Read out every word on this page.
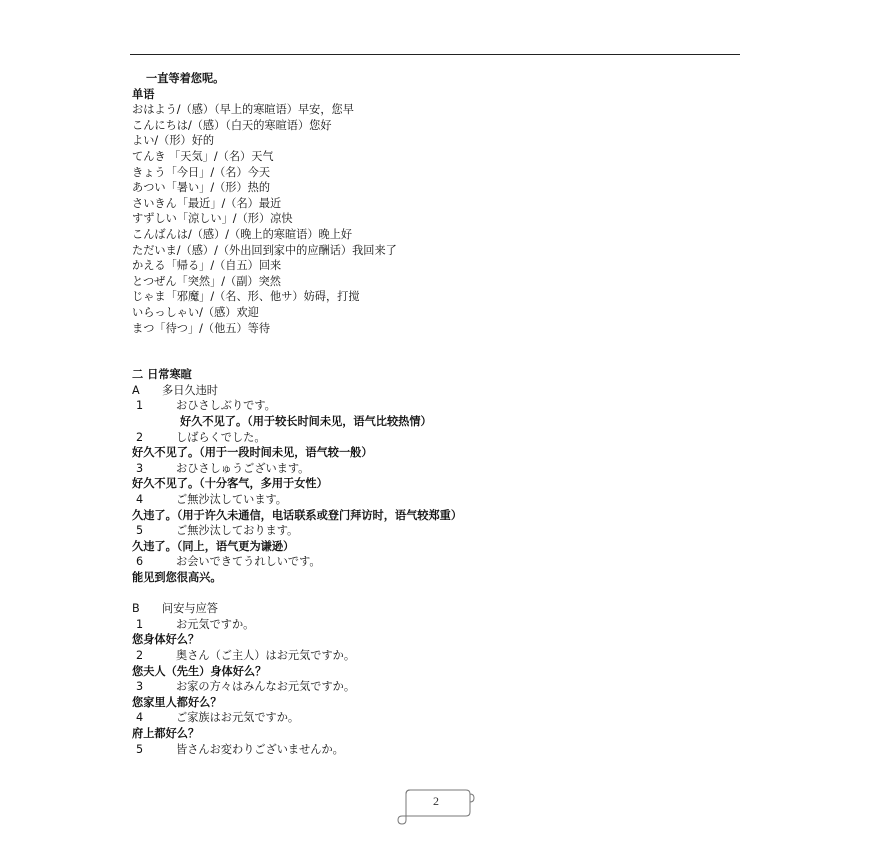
一直等着您呢。
单语
おはよう/（感）（早上的寒暄语）早安，您早
こんにちは/（感）（白天的寒暄语）您好
よい/（形）好的
てんき 「天気」/（名）天气
きょう「今日」/（名）今天
あつい「暑い」/（形）热的
さいきん「最近」/（名）最近
すずしい「涼しい」/（形）凉快
こんばんは/（感）/（晚上的寒暄语）晚上好
ただいま/（感）/（外出回到家中的应酬话）我回来了
かえる「帰る」/（自五）回来
とつぜん「突然」/（副）突然
じゃま「邪魔」/（名、形、他サ）妨碍，打搅
いらっしゃい/（感）欢迎
まつ「待つ」/（他五）等待
二 日常寒暄
A 多日久违时
1	おひさしぶりです。
好久不见了。（用于较长时间未见，语气比较热情）
2	しばらくでした。
好久不见了。（用于一段时间未见，语气较一般）
3	おひさしゅうございます。
好久不见了。（十分客气，多用于女性）
4	ご無沙汰しています。
久违了。（用于许久未通信，电话联系或登门拜访时，语气较郑重）
5	ご無沙汰しております。
久违了。（同上，语气更为谦逊）
6	お会いできてうれしいです。
能见到您很高兴。
B 问安与应答
1	お元気ですか。
您身体好么？
2	奥さん（ご主人）はお元気ですか。
您夫人（先生）身体好么？
3	お家の方々はみんなお元気ですか。
您家里人都好么？
4	ご家族はお元気ですか。
府上都好么？
5	皆さんお変わりございませんか。
2
